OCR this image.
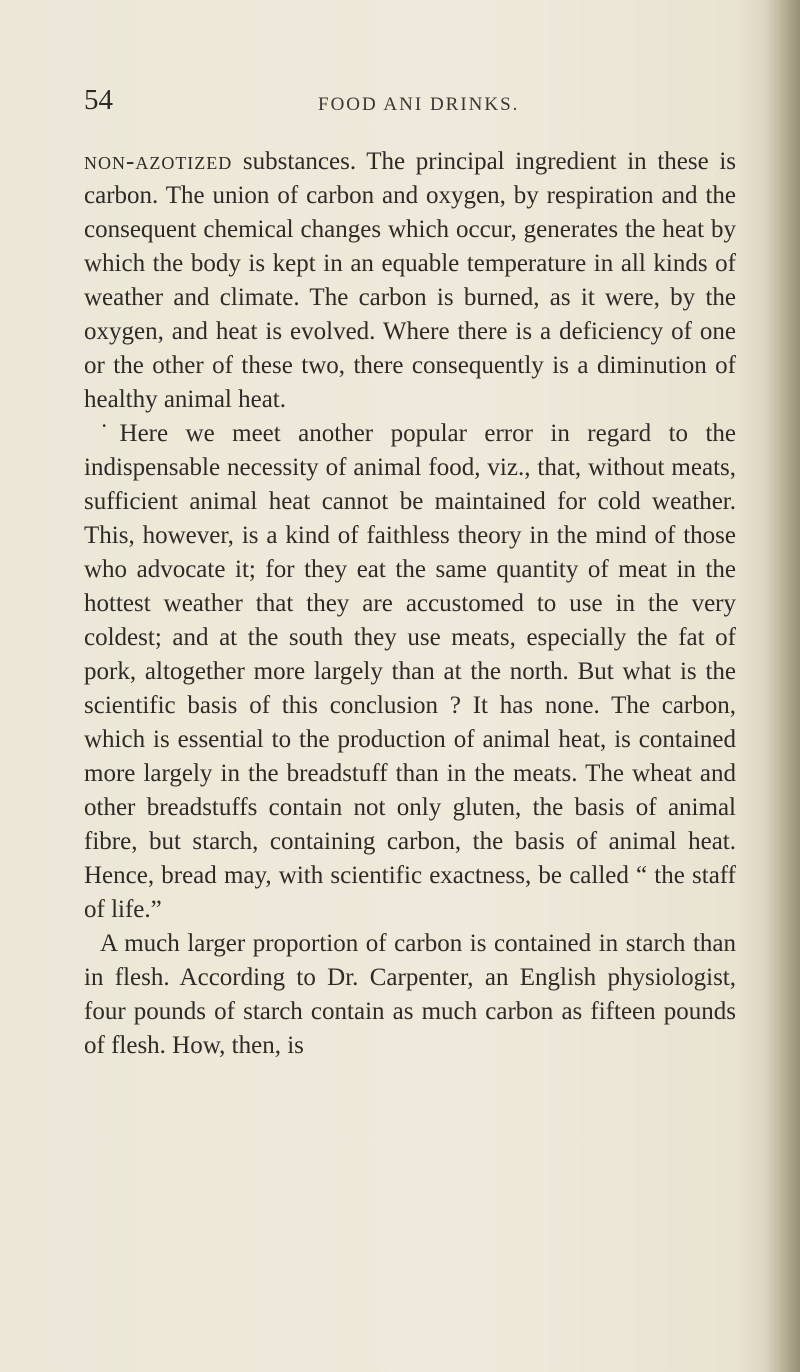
54	FOOD ANI DRINKS.

non-azotized substances. The principal ingredient in these is carbon. The union of carbon and oxygen, by respiration and the consequent chemical changes which occur, generates the heat by which the body is kept in an equable temperature in all kinds of weather and climate. The carbon is burned, as it were, by the oxygen, and heat is evolved. Where there is a deficiency of one or the other of these two, there consequently is a diminution of healthy animal heat.

˙Here we meet another popular error in regard to the indispensable necessity of animal food, viz., that, without meats, sufficient animal heat cannot be maintained for cold weather. This, however, is a kind of faithless theory in the mind of those who advocate it; for they eat the same quantity of meat in the hottest weather that they are accustomed to use in the very coldest; and at the south they use meats, especially the fat of pork, altogether more largely than at the north. But what is the scientific basis of this conclusion ? It has none. The carbon, which is essential to the production of animal heat, is contained more largely in the breadstuff than in the meats. The wheat and other breadstuffs contain not only gluten, the basis of animal fibre, but starch, containing carbon, the basis of animal heat. Hence, bread may, with scientific exactness, be called “ the staff of life.”

A much larger proportion of carbon is contained in starch than in flesh. According to Dr. Carpenter, an English physiologist, four pounds of starch contain as much carbon as fifteen pounds of flesh. How, then, is
